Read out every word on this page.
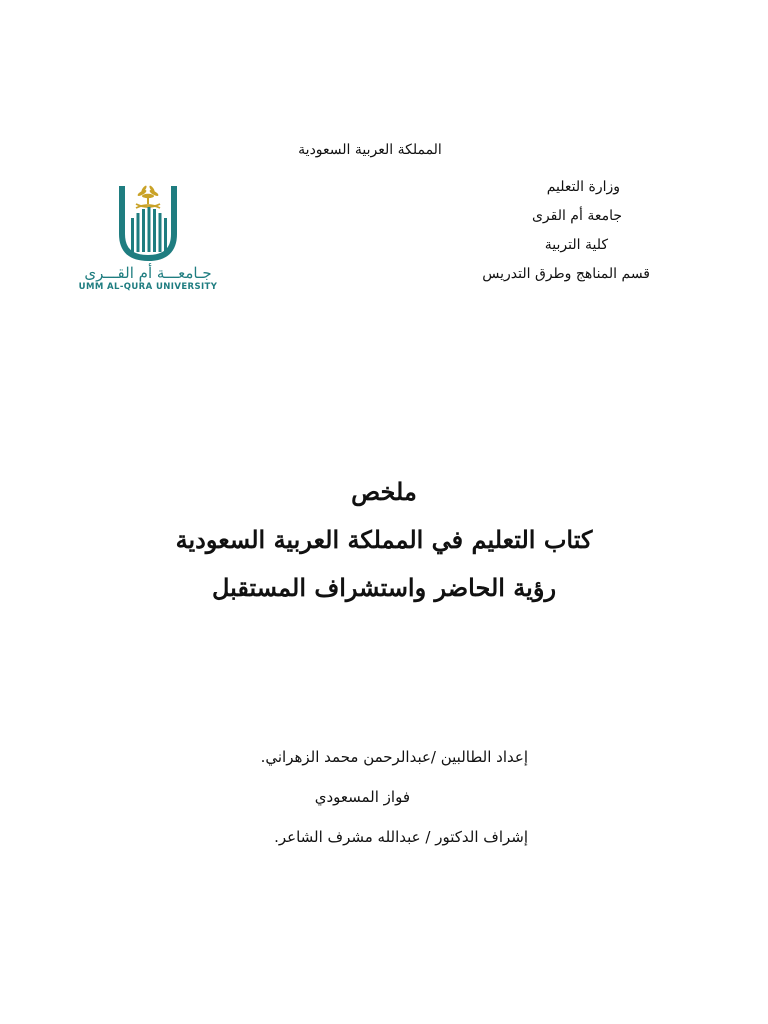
المملكة العربية السعودية
وزارة التعليم
جامعة أم القرى
كلية التربية
قسم المناهج وطرق التدريس
جـامعـــة أم القـــرى
UMM AL-QURA UNIVERSITY
ملخص
كتاب التعليم في المملكة العربية السعودية
رؤية الحاضر واستشراف المستقبل
إعداد الطالبين /عبدالرحمن محمد الزهراني.
فواز المسعودي
إشراف الدكتور / عبدالله مشرف الشاعر.
